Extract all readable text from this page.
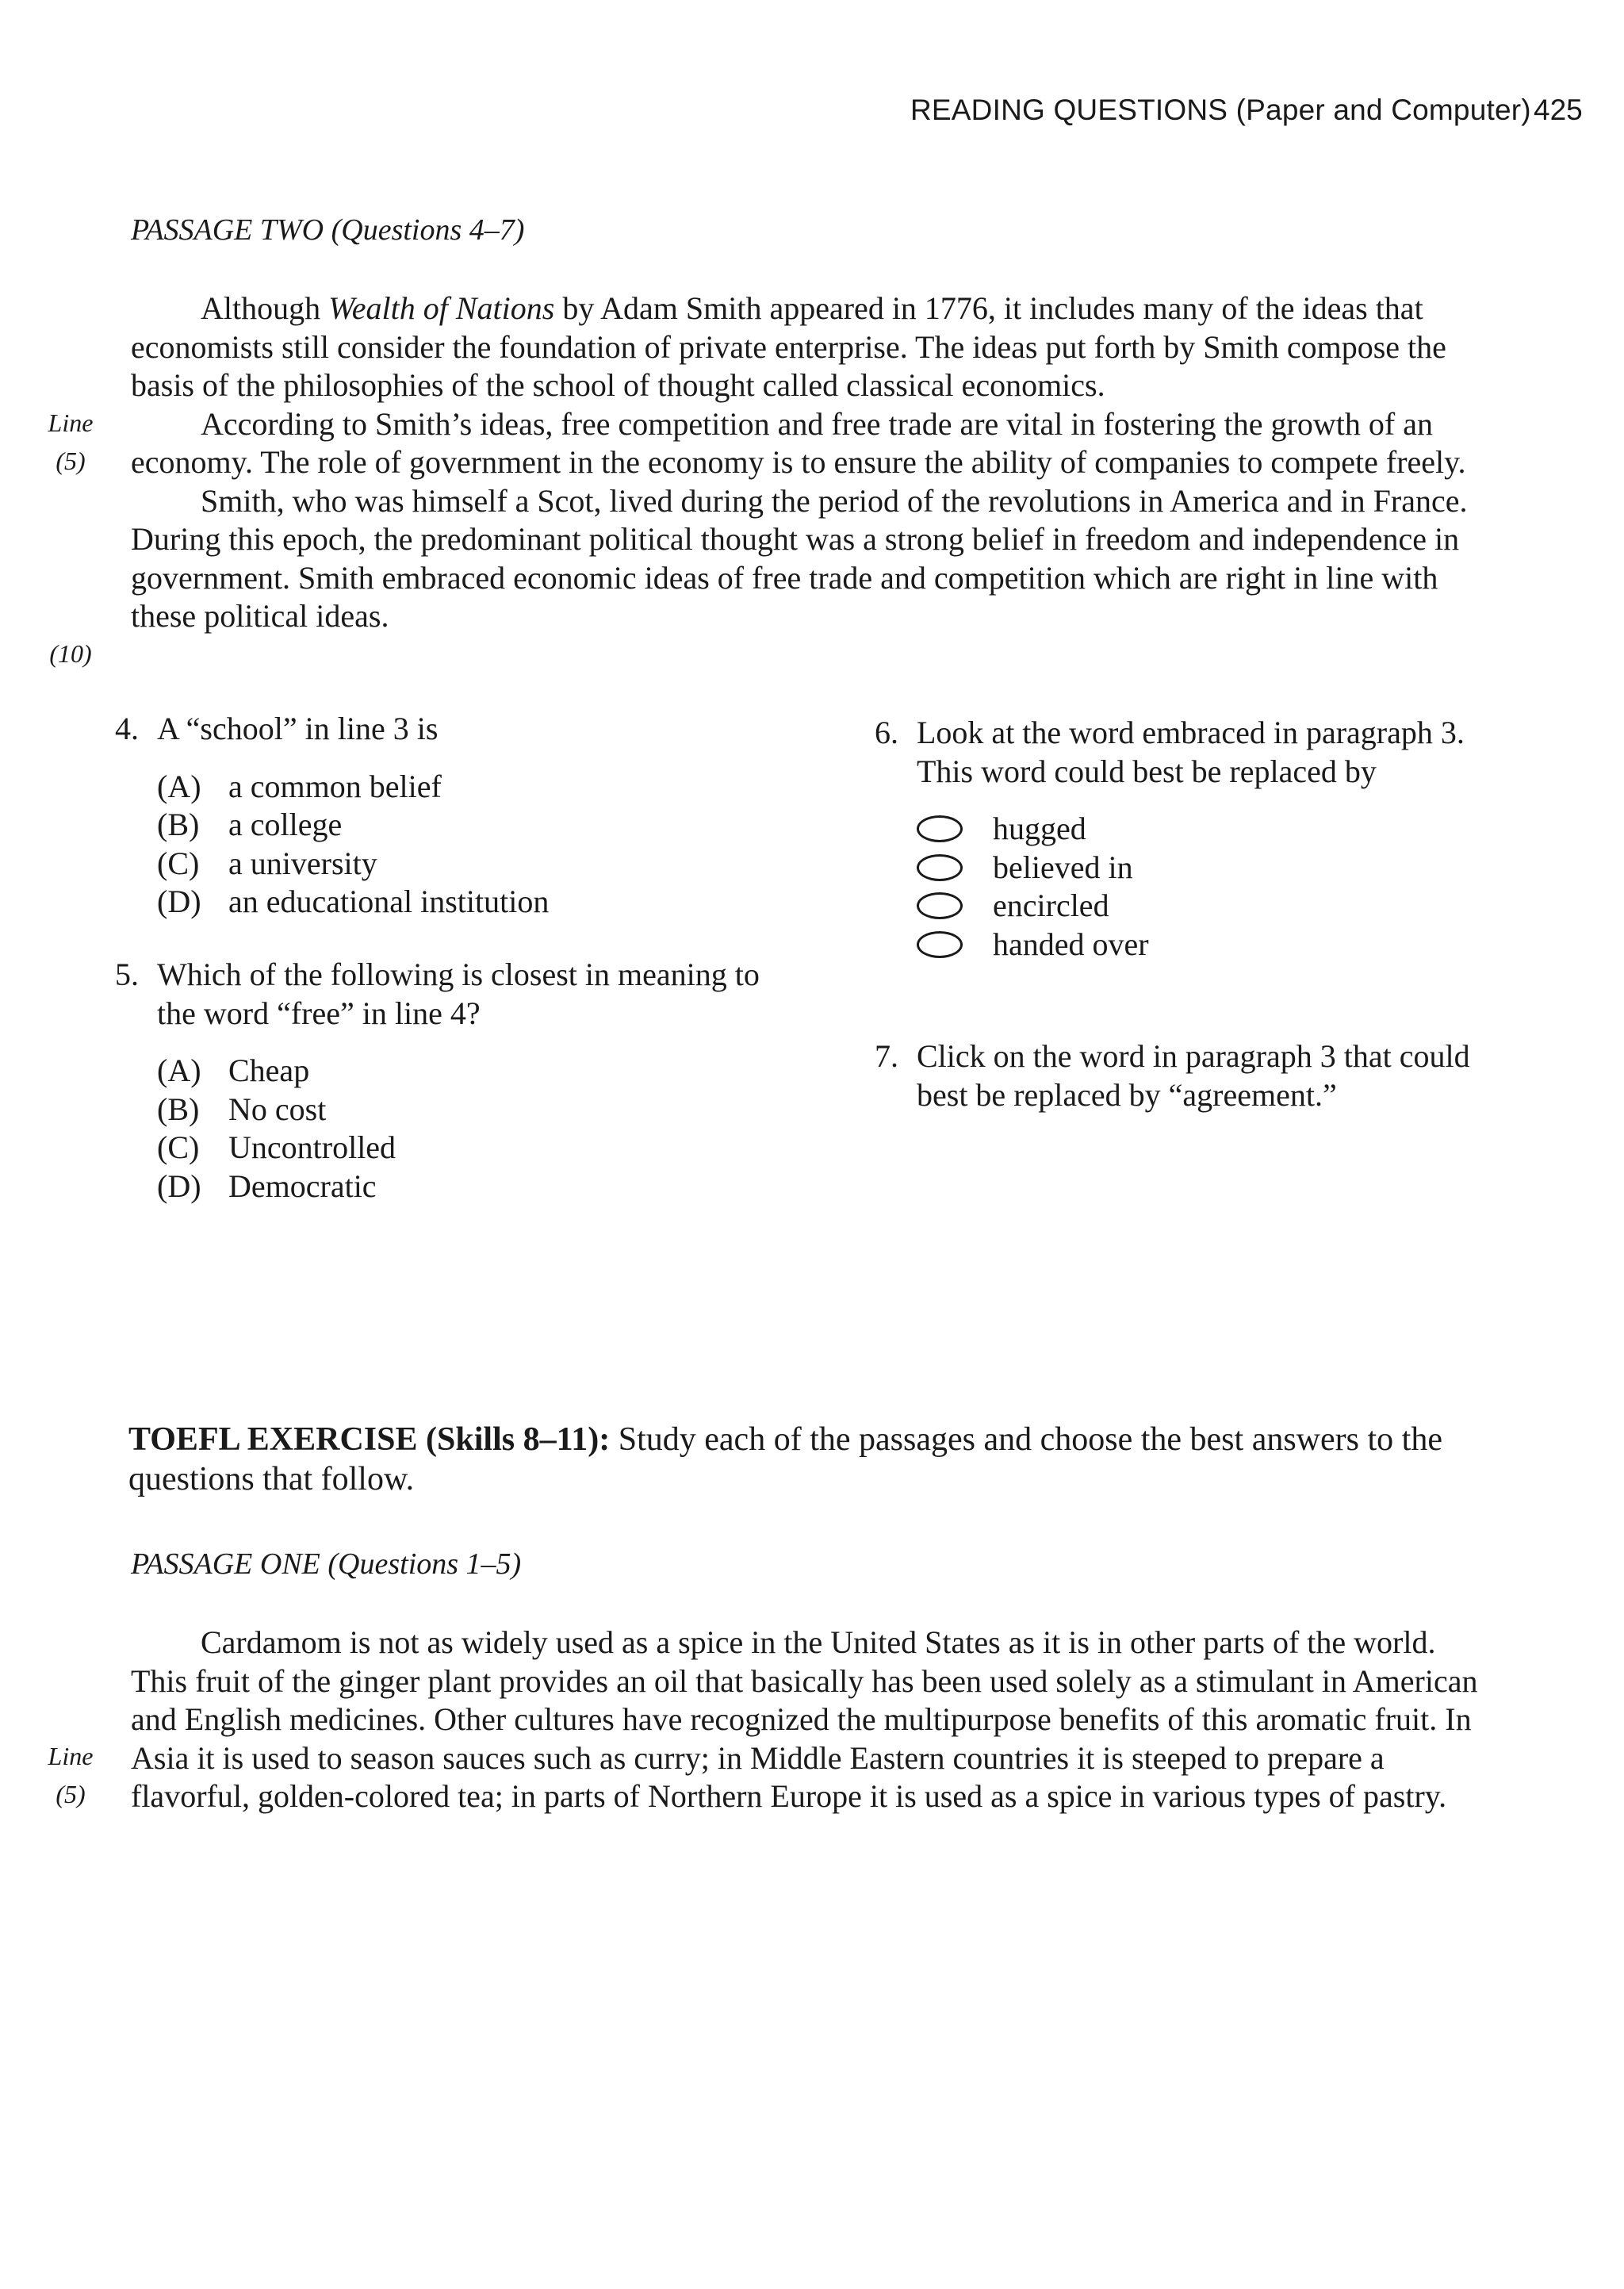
READING QUESTIONS (Paper and Computer) 425
PASSAGE TWO (Questions 4–7)
Line
(5)
(10)

Although Wealth of Nations by Adam Smith appeared in 1776, it includes many of the ideas that economists still consider the foundation of private enterprise. The ideas put forth by Smith compose the basis of the philosophies of the school of thought called classical economics.

According to Smith’s ideas, free competition and free trade are vital in fostering the growth of an economy. The role of government in the economy is to ensure the ability of companies to compete freely.

Smith, who was himself a Scot, lived during the period of the revolutions in America and in France. During this epoch, the predominant political thought was a strong belief in freedom and independence in government. Smith embraced economic ideas of free trade and competition which are right in line with these political ideas.

4. A “school” in line 3 is
(A) a common belief
(B) a college
(C) a university
(D) an educational institution
5. Which of the following is closest in meaning to the word “free” in line 4?
(A) Cheap
(B) No cost
(C) Uncontrolled
(D) Democratic
6. Look at the word embraced in paragraph 3. This word could best be replaced by
hugged
believed in
encircled
handed over
7. Click on the word in paragraph 3 that could best be replaced by “agreement.”
TOEFL EXERCISE (Skills 8–11): Study each of the passages and choose the best answers to the questions that follow.
PASSAGE ONE (Questions 1–5)
Line
(5)

Cardamom is not as widely used as a spice in the United States as it is in other parts of the world. This fruit of the ginger plant provides an oil that basically has been used solely as a stimulant in American and English medicines. Other cultures have recognized the multipurpose benefits of this aromatic fruit. In Asia it is used to season sauces such as curry; in Middle Eastern countries it is steeped to prepare a flavorful, golden-colored tea; in parts of Northern Europe it is used as a spice in various types of pastry.
